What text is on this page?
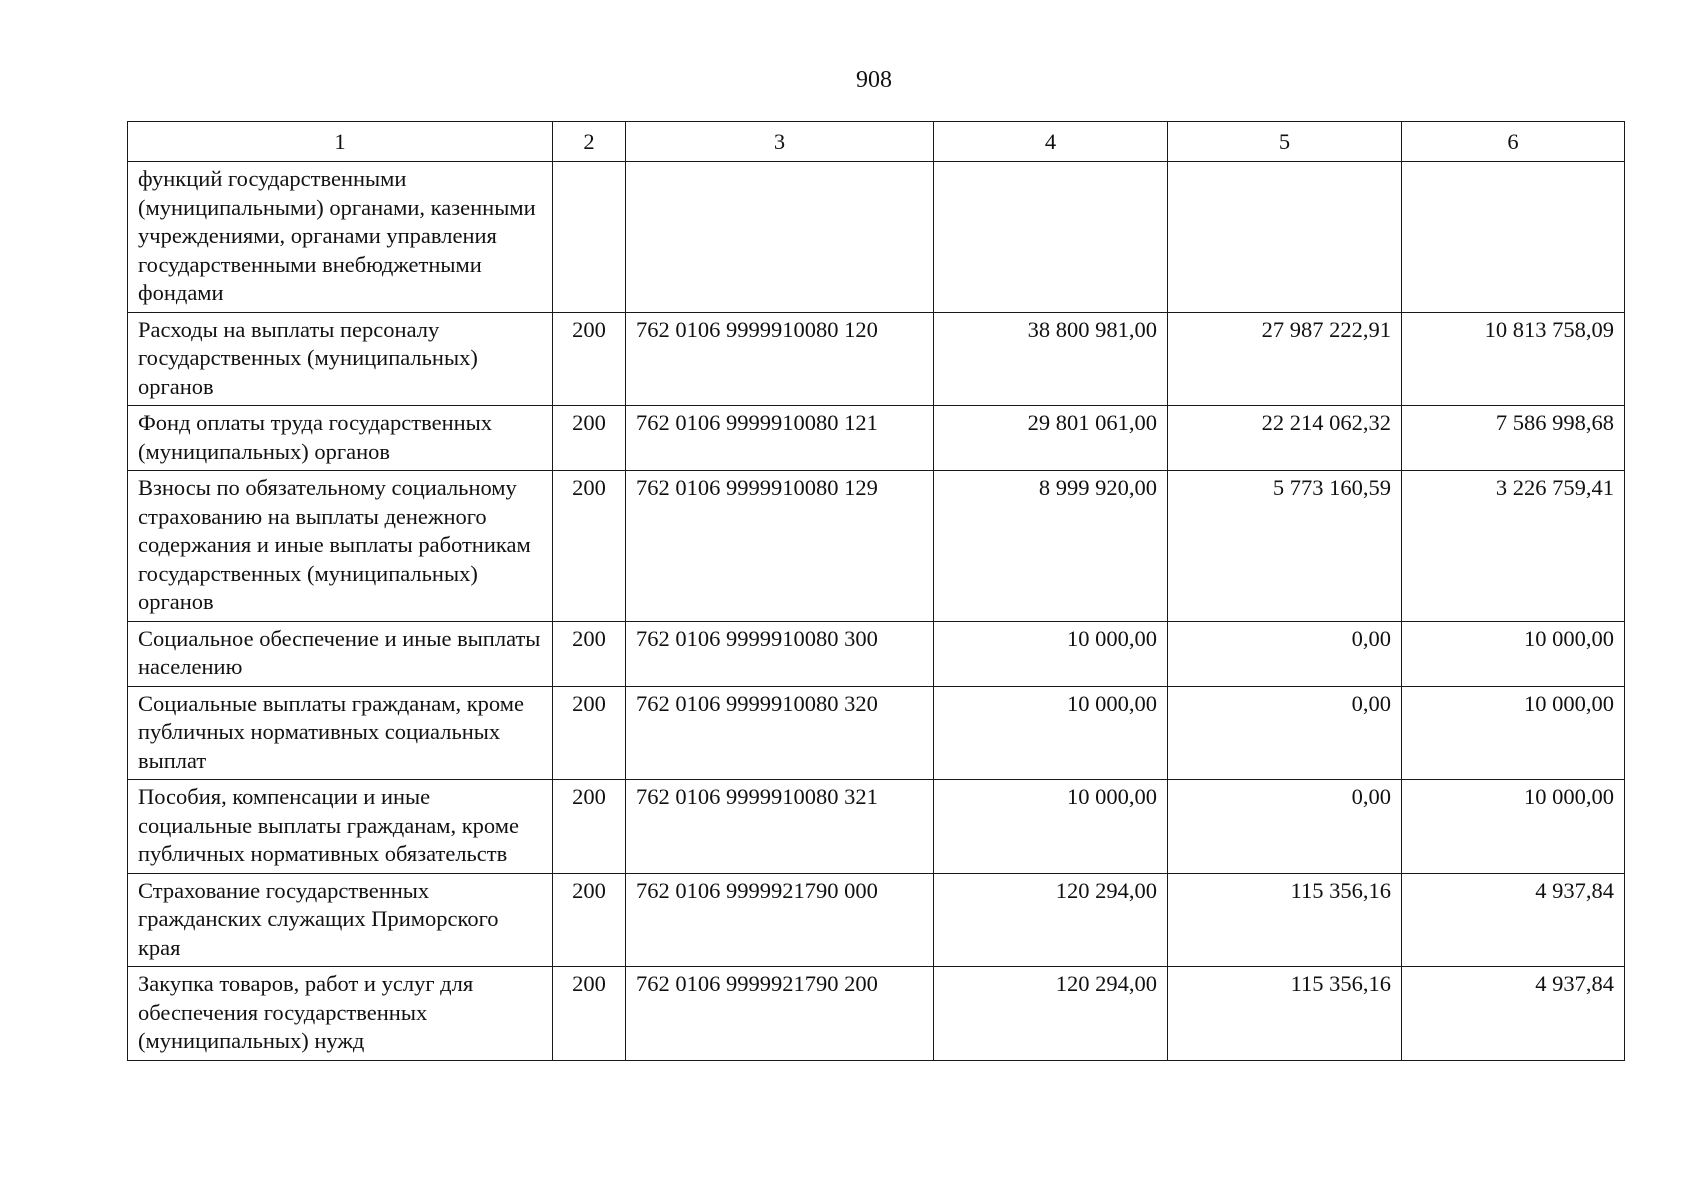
908
1	2	3	4	5	6
функций государственными (муниципальными) органами, казенными учреждениями, органами управления государственными внебюджетными фондами					
Расходы на выплаты персоналу государственных (муниципальных) органов	200	762 0106 9999910080 120	38 800 981,00	27 987 222,91	10 813 758,09
Фонд оплаты труда государственных (муниципальных) органов	200	762 0106 9999910080 121	29 801 061,00	22 214 062,32	7 586 998,68
Взносы по обязательному социальному страхованию на выплаты денежного содержания и иные выплаты работникам государственных (муниципальных) органов	200	762 0106 9999910080 129	8 999 920,00	5 773 160,59	3 226 759,41
Социальное обеспечение и иные выплаты населению	200	762 0106 9999910080 300	10 000,00	0,00	10 000,00
Социальные выплаты гражданам, кроме публичных нормативных социальных выплат	200	762 0106 9999910080 320	10 000,00	0,00	10 000,00
Пособия, компенсации и иные социальные выплаты гражданам, кроме публичных нормативных обязательств	200	762 0106 9999910080 321	10 000,00	0,00	10 000,00
Страхование государственных гражданских служащих Приморского края	200	762 0106 9999921790 000	120 294,00	115 356,16	4 937,84
Закупка товаров, работ и услуг для обеспечения государственных (муниципальных) нужд	200	762 0106 9999921790 200	120 294,00	115 356,16	4 937,84
